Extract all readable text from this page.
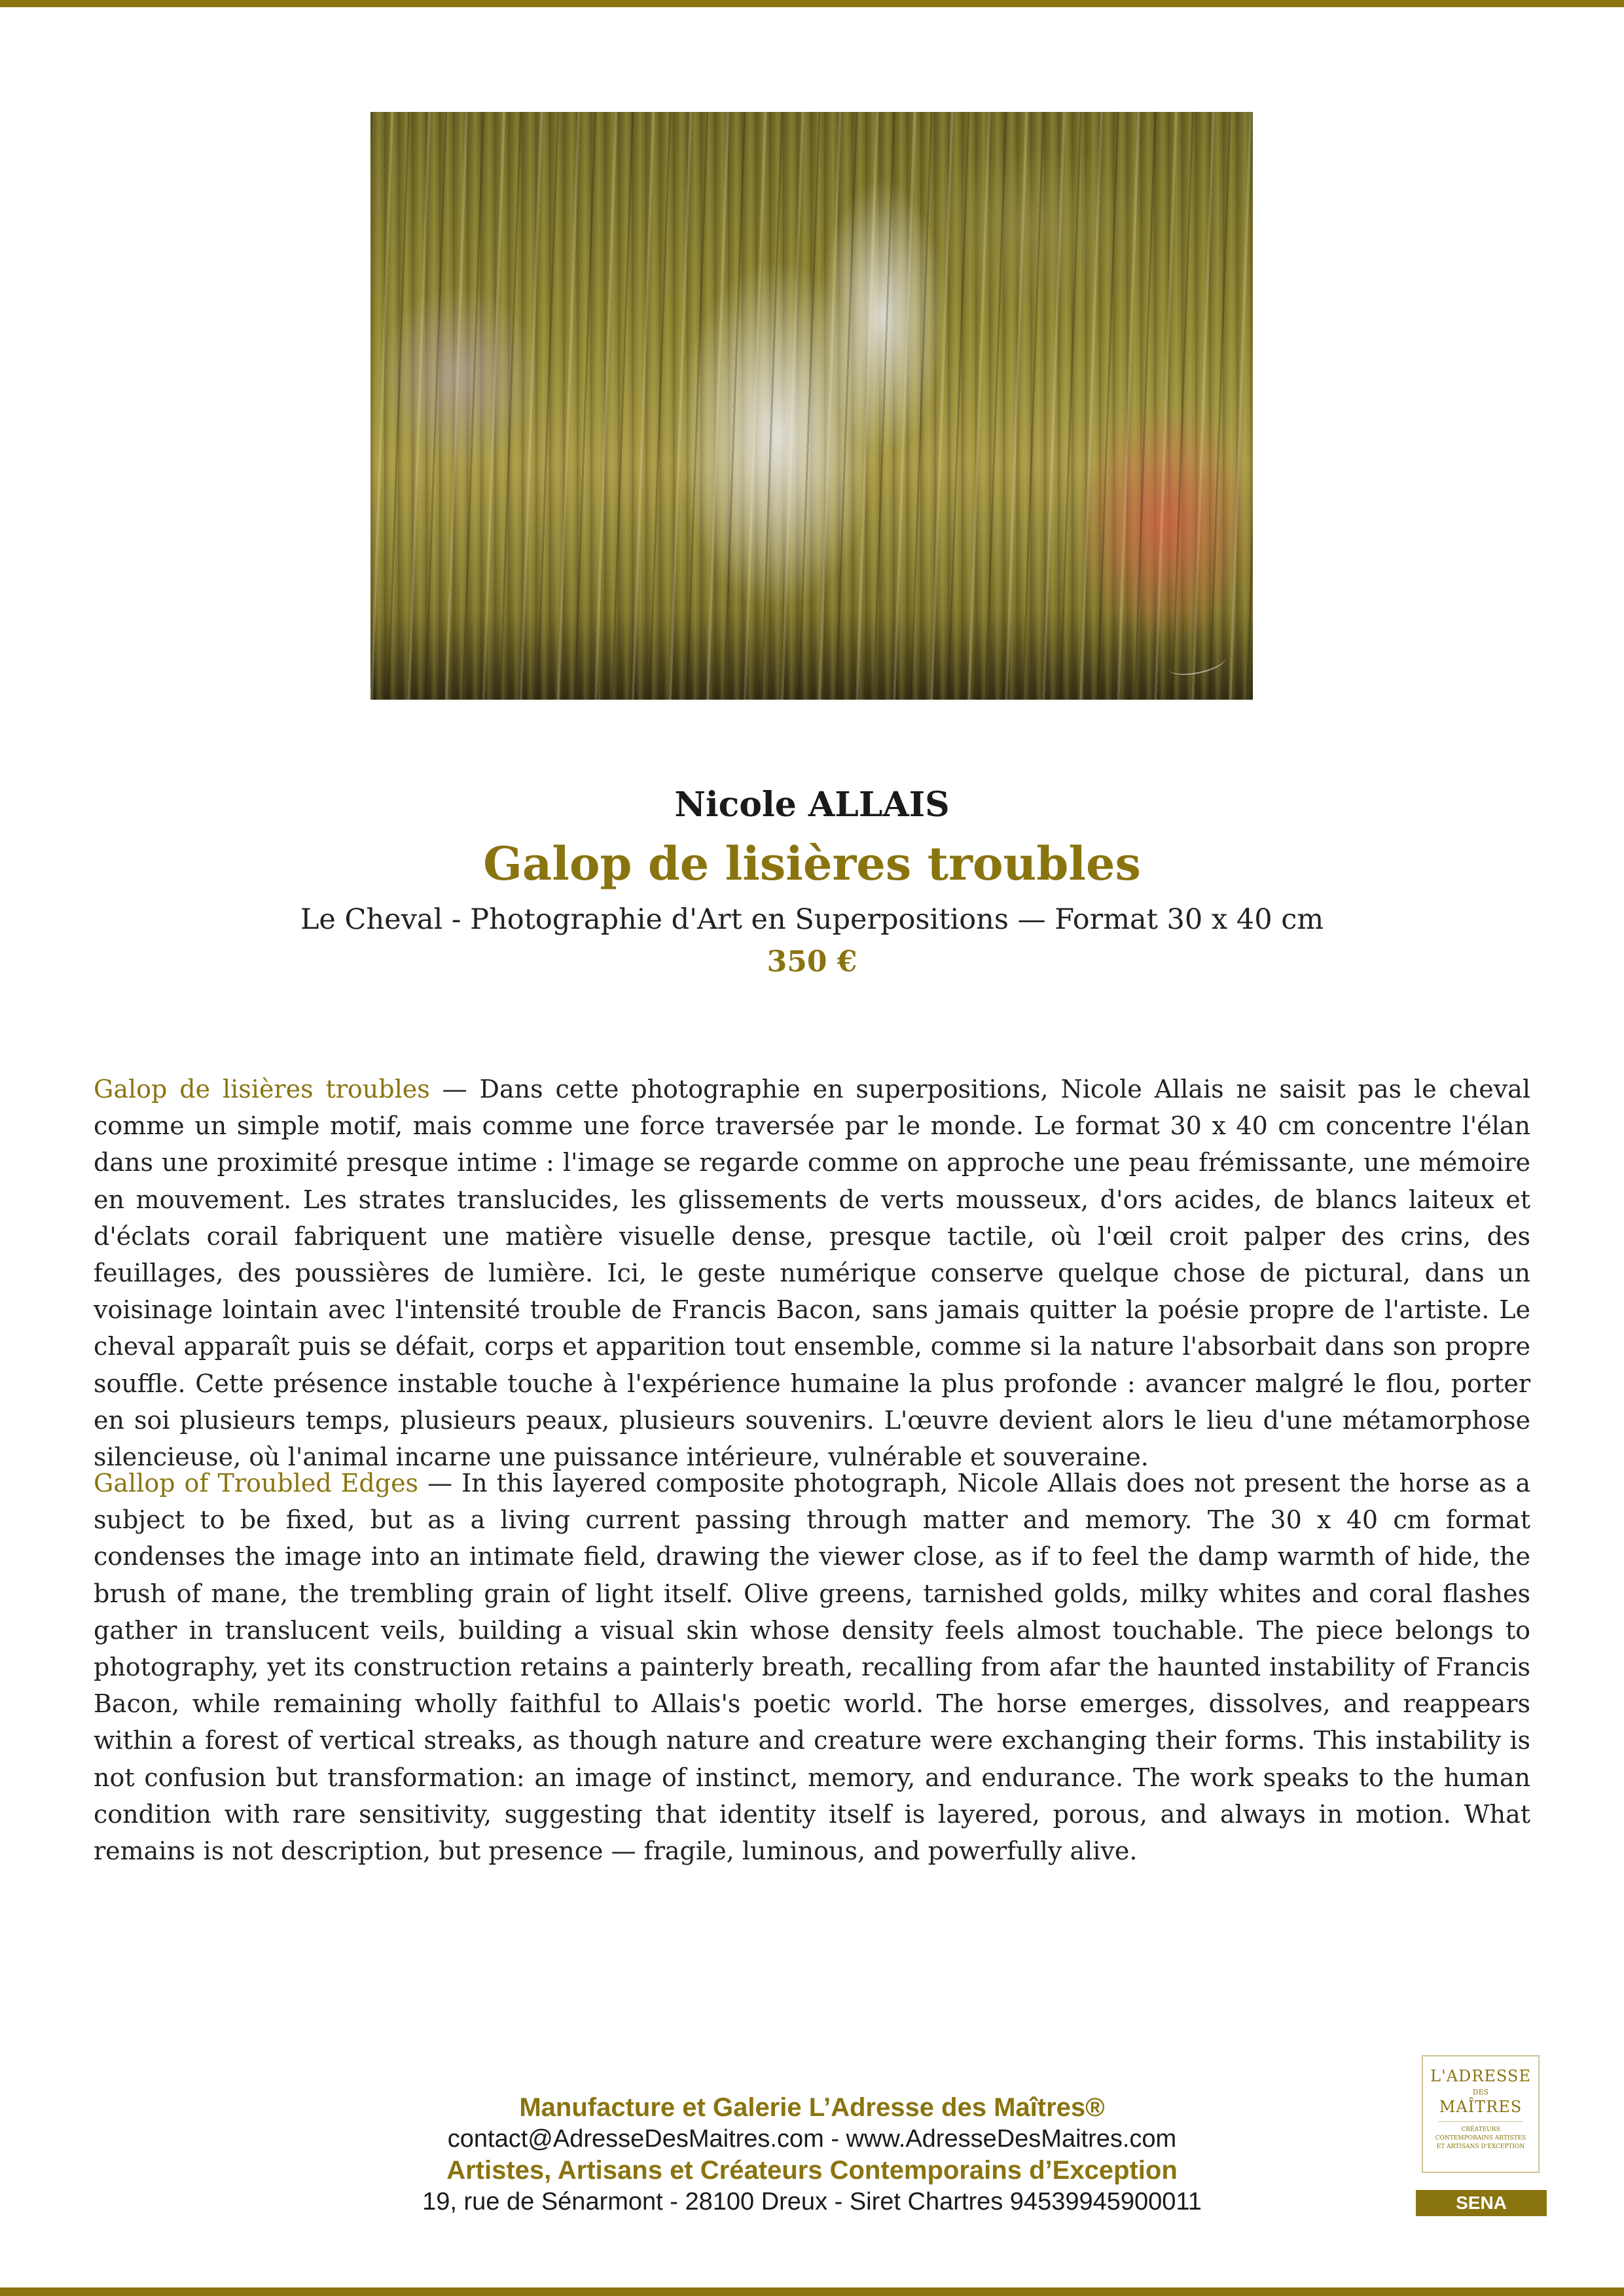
Nicole ALLAIS
Galop de lisières troubles
Le Cheval - Photographie d'Art en Superpositions — Format 30 x 40 cm
350 €
Galop de lisières troubles — Dans cette photographie en superpositions, Nicole Allais ne saisit pas le cheval comme un simple motif, mais comme une force traversée par le monde. Le format 30 x 40 cm concentre l'élan dans une proximité presque intime : l'image se regarde comme on approche une peau frémissante, une mémoire en mouvement. Les strates translucides, les glissements de verts mousseux, d'ors acides, de blancs laiteux et d'éclats corail fabriquent une matière visuelle dense, presque tactile, où l'œil croit palper des crins, des feuillages, des poussières de lumière. Ici, le geste numérique conserve quelque chose de pictural, dans un voisinage lointain avec l'intensité trouble de Francis Bacon, sans jamais quitter la poésie propre de l'artiste. Le cheval apparaît puis se défait, corps et apparition tout ensemble, comme si la nature l'absorbait dans son propre souffle. Cette présence instable touche à l'expérience humaine la plus profonde : avancer malgré le flou, porter en soi plusieurs temps, plusieurs peaux, plusieurs souvenirs. L'œuvre devient alors le lieu d'une métamorphose silencieuse, où l'animal incarne une puissance intérieure, vulnérable et souveraine.
Gallop of Troubled Edges — In this layered composite photograph, Nicole Allais does not present the horse as a subject to be fixed, but as a living current passing through matter and memory. The 30 x 40 cm format condenses the image into an intimate field, drawing the viewer close, as if to feel the damp warmth of hide, the brush of mane, the trembling grain of light itself. Olive greens, tarnished golds, milky whites and coral flashes gather in translucent veils, building a visual skin whose density feels almost touchable. The piece belongs to photography, yet its construction retains a painterly breath, recalling from afar the haunted instability of Francis Bacon, while remaining wholly faithful to Allais's poetic world. The horse emerges, dissolves, and reappears within a forest of vertical streaks, as though nature and creature were exchanging their forms. This instability is not confusion but transformation: an image of instinct, memory, and endurance. The work speaks to the human condition with rare sensitivity, suggesting that identity itself is layered, porous, and always in motion. What remains is not description, but presence — fragile, luminous, and powerfully alive.
Manufacture et Galerie L’Adresse des Maîtres®
contact@AdresseDesMaitres.com - www.AdresseDesMaitres.com
Artistes, Artisans et Créateurs Contemporains d’Exception
19, rue de Sénarmont - 28100 Dreux - Siret Chartres 94539945900011
L'ADRESSE
DES
MAÎTRES
CRÉATEURS CONTEMPORAINS ARTISTES ET ARTISANS D'EXCEPTION
SENA
